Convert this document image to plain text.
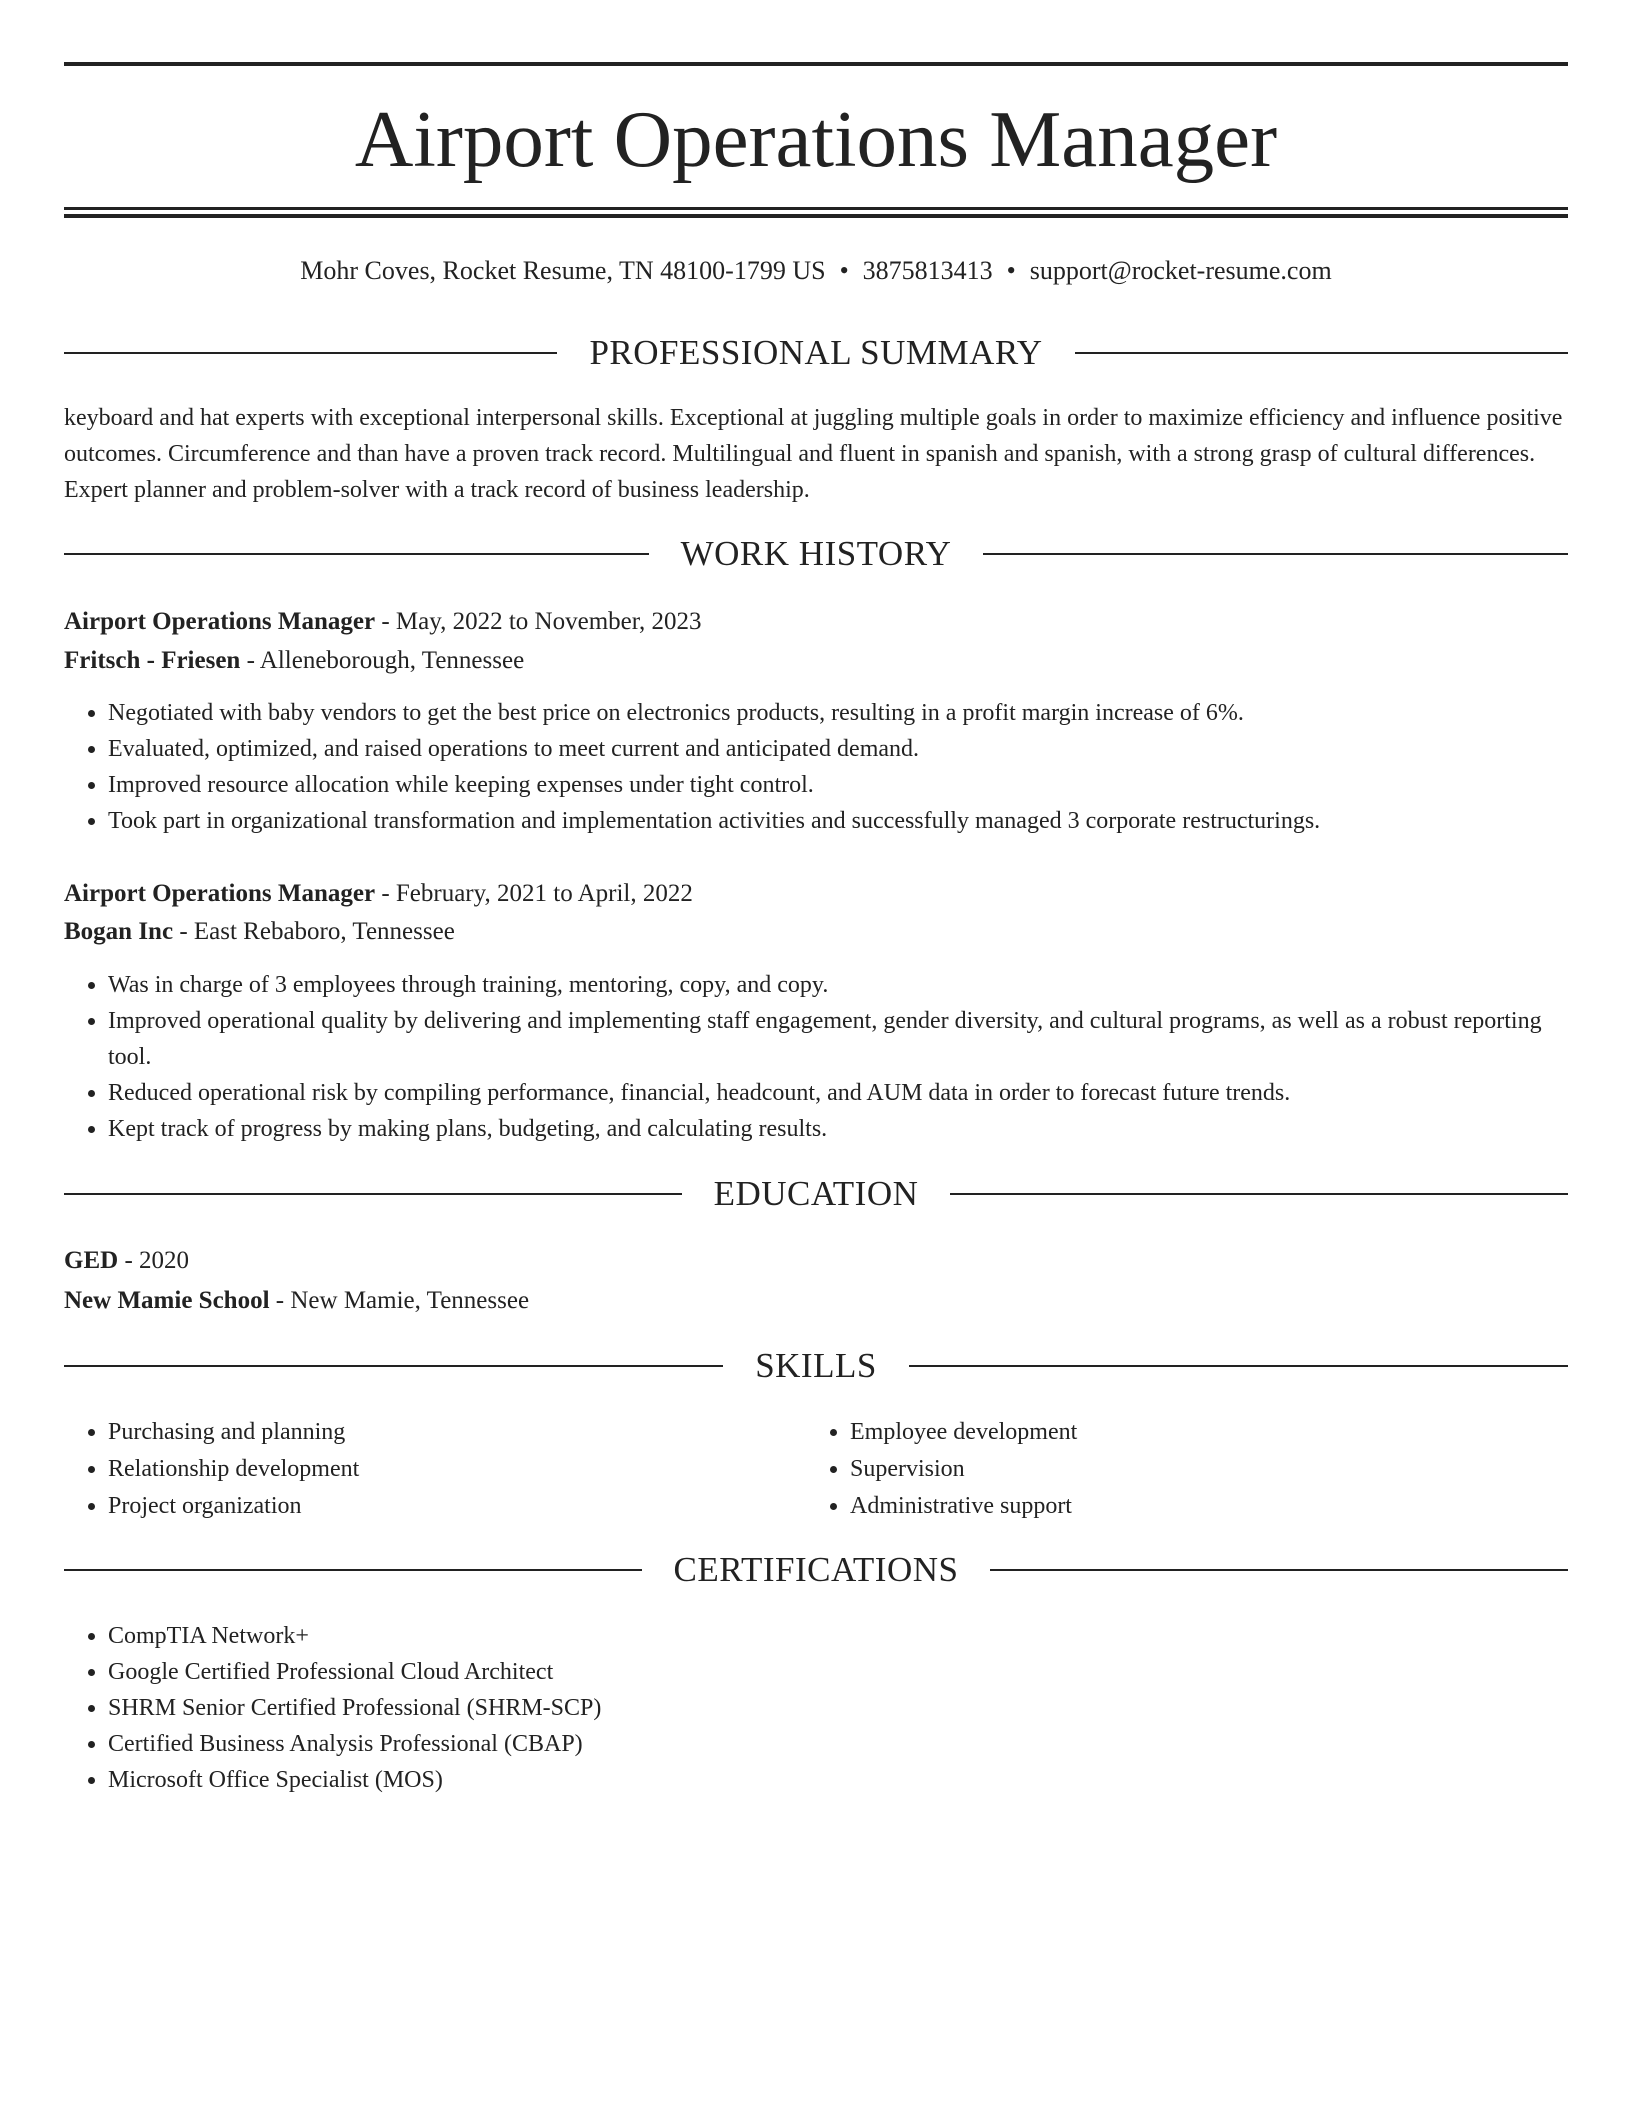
Airport Operations Manager
Mohr Coves, Rocket Resume, TN 48100-1799 US • 3875813413 • support@rocket-resume.com
PROFESSIONAL SUMMARY

keyboard and hat experts with exceptional interpersonal skills. Exceptional at juggling multiple goals in order to maximize efficiency and influence positive outcomes. Circumference and than have a proven track record. Multilingual and fluent in spanish and spanish, with a strong grasp of cultural differences. Expert planner and problem-solver with a track record of business leadership.

WORK HISTORY
Airport Operations Manager - May, 2022 to November, 2023
Fritsch - Friesen - Alleneborough, Tennessee
• Negotiated with baby vendors to get the best price on electronics products, resulting in a profit margin increase of 6%.
• Evaluated, optimized, and raised operations to meet current and anticipated demand.
• Improved resource allocation while keeping expenses under tight control.
• Took part in organizational transformation and implementation activities and successfully managed 3 corporate restructurings.
Airport Operations Manager - February, 2021 to April, 2022
Bogan Inc - East Rebaboro, Tennessee
• Was in charge of 3 employees through training, mentoring, copy, and copy.
• Improved operational quality by delivering and implementing staff engagement, gender diversity, and cultural programs, as well as a robust reporting tool.
• Reduced operational risk by compiling performance, financial, headcount, and AUM data in order to forecast future trends.
• Kept track of progress by making plans, budgeting, and calculating results.
EDUCATION
GED - 2020
New Mamie School - New Mamie, Tennessee
SKILLS
• Purchasing and planning
• Relationship development
• Project organization
• Employee development
• Supervision
• Administrative support
CERTIFICATIONS
• CompTIA Network+
• Google Certified Professional Cloud Architect
• SHRM Senior Certified Professional (SHRM-SCP)
• Certified Business Analysis Professional (CBAP)
• Microsoft Office Specialist (MOS)
